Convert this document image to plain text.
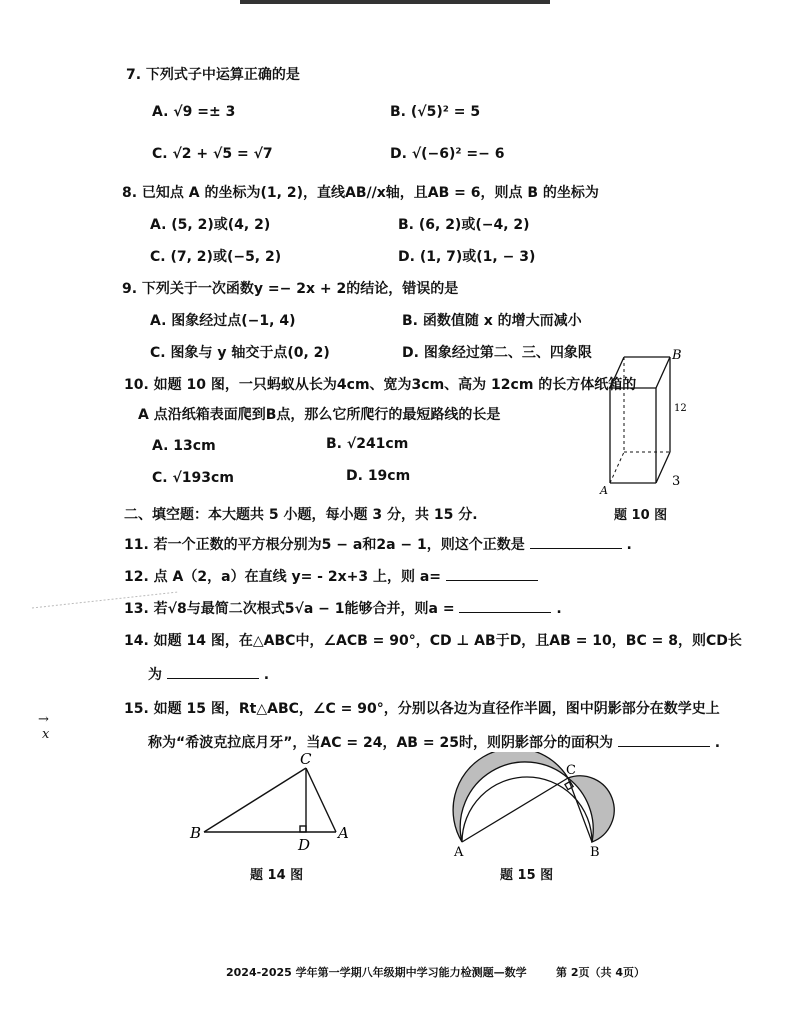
7. 下列式子中运算正确的是
A. √9 =± 3	B. (√5)² = 5
C. √2 + √5 = √7	D. √(−6)² =− 6
8. 已知点 A 的坐标为(1, 2)，直线AB//x轴，且AB = 6，则点 B 的坐标为
A. (5, 2)或(4, 2)	B. (6, 2)或(−4, 2)
C. (7, 2)或(−5, 2)	D. (1, 7)或(1, − 3)
9. 下列关于一次函数y =− 2x + 2的结论，错误的是
A. 图象经过点(−1, 4)	B. 函数值随 x 的增大而减小
C. 图象与 y 轴交于点(0, 2)	D. 图象经过第二、三、四象限
10. 如题 10 图，一只蚂蚁从长为4cm、宽为3cm、高为 12cm 的长方体纸箱的
A 点沿纸箱表面爬到B点，那么它所爬行的最短路线的长是
A. 13cm	B. √241cm
C. √193cm	D. 19cm
B
A
12
3
题 10 图
二、填空题：本大题共 5 小题，每小题 3 分，共 15 分.
11. 若一个正数的平方根分别为5 − a和2a − 1，则这个正数是	.
12. 点 A（2，a）在直线 y= - 2x+3 上，则 a=
13. 若√8与最简二次根式5√a − 1能够合并，则a =	.
14. 如题 14 图，在△ABC中，∠ACB = 90°，CD ⊥ AB于D，且AB = 10，BC = 8，则CD长
为	.
→
x
15. 如题 15 图，Rt△ABC，∠C = 90°，分别以各边为直径作半圆，图中阴影部分在数学史上
称为“希波克拉底月牙”，当AC = 24，AB = 25时，则阴影部分的面积为	.
B
C
A
D
题 14 图
A	B
C
题 15 图
2024-2025 学年第一学期八年级期中学习能力检测题—数学	第 2页（共 4页）
